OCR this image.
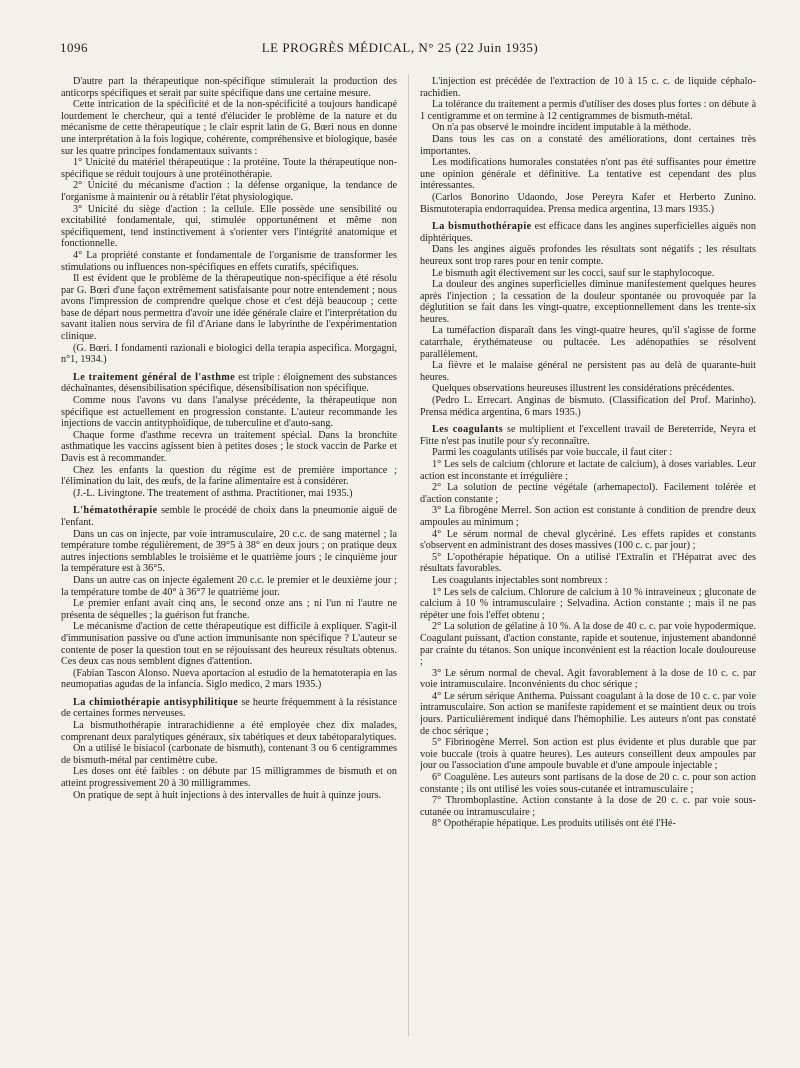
1096	LE PROGRÈS MÉDICAL, N° 25 (22 Juin 1935)

D'autre part la thérapeutique non-spécifique stimulerait la production des anticorps spécifiques et serait par suite spécifique dans une certaine mesure.

Cette intrication de la spécificité et de la non-spécificité a toujours handicapé lourdement le chercheur, qui a tenté d'élucider le problème de la nature et du mécanisme de cette thérapeutique ; le clair esprit latin de G. Bœri nous en donne une interprétation à la fois logique, cohérente, compréhensive et biologique, basée sur les quatre principes fondamentaux suivants :

1° Unicité du matériel thérapeutique : la protéine. Toute la thérapeutique non-spécifique se réduit toujours à une protéinothérapie.

2° Unicité du mécanisme d'action : la défense organique, la tendance de l'organisme à maintenir ou à rétablir l'état physiologique.

3° Unicité du siège d'action : la cellule. Elle possède une sensibilité ou excitabilité fondamentale, qui, stimulée opportunément et même non spécifiquement, tend instinctivement à s'orienter vers l'intégrité anatomique et fonctionnelle.

4° La propriété constante et fondamentale de l'organisme de transformer les stimulations ou influences non-spécifiques en effets curatifs, spécifiques.

Il est évident que le problème de la thérapeutique non-spécifique a été résolu par G. Bœri d'une façon extrêmement satisfaisante pour notre entendement ; nous avons l'impression de comprendre quelque chose et c'est déjà beaucoup ; cette base de départ nous permettra d'avoir une idée générale claire et l'interprétation du savant italien nous servira de fil d'Ariane dans le labyrinthe de l'expérimentation clinique.

(G. Bœri. I fondamenti razionali e biologici della terapia aspecifica. Morgagni, n°1, 1934.)

Le traitement général de l'asthme est triple : éloignement des substances déchaînantes, désensibilisation spécifique, désensibilisation non spécifique.

Comme nous l'avons vu dans l'analyse précédente, la thérapeutique non spécifique est actuellement en progression constante. L'auteur recommande les injections de vaccin antityphoïdique, de tuberculine et d'auto-sang.

Chaque forme d'asthme recevra un traitement spécial. Dans la bronchite asthmatique les vaccins agissent bien à petites doses ; le stock vaccin de Parke et Davis est à recommander.

Chez les enfants la question du régime est de première importance ; l'élimination du lait, des œufs, de la farine alimentaire est à considérer.

(J.-L. Livingtone. The treatement of asthma. Practitioner, mai 1935.)

L'hématothérapie semble le procédé de choix dans la pneumonie aiguë de l'enfant.

Dans un cas on injecte, par voie intramusculaire, 20 c.c. de sang maternel ; la température tombe régulièrement, de 39°5 à 38° en deux jours ; on pratique deux autres injections semblables le troisième et le quatrième jours ; le cinquième jour la température est à 36°5.

Dans un autre cas on injecte également 20 c.c. le premier et le deuxième jour ; la température tombe de 40° à 36°7 le quatrième jour.

Le premier enfant avait cinq ans, le second onze ans ; ni l'un ni l'autre ne présenta de séquelles ; la guérison fut franche.

Le mécanisme d'action de cette thérapeutique est difficile à expliquer. S'agit-il d'immunisation passive ou d'une action immunisante non spécifique ? L'auteur se contente de poser la question tout en se réjouissant des heureux résultats obtenus. Ces deux cas nous semblent dignes d'attention.

(Fabian Tascon Alonso. Nueva aportacion al estudio de la hematoterapia en las neumopatias agudas de la infancia. Siglo medico, 2 mars 1935.)

La chimiothérapie antisyphilitique se heurte fréquemment à la résistance de certaines formes nerveuses.

La bismuthothérapie intrarachidienne a été employée chez dix malades, comprenant deux paralytiques généraux, six tabétiques et deux tabétoparalytiques.

On a utilisé le bisiacol (carbonate de bismuth), contenant 3 ou 6 centigrammes de bismuth-métal par centimètre cube.

Les doses ont été faibles : on débute par 15 milligrammes de bismuth et on atteint progressivement 20 à 30 milligrammes.

On pratique de sept à huit injections à des intervalles de huit à quinze jours.

L'injection est précédée de l'extraction de 10 à 15 c. c. de liquide céphalo-rachidien.

La tolérance du traitement a permis d'utiliser des doses plus fortes : on débute à 1 centigramme et on termine à 12 centigrammes de bismuth-métal.

On n'a pas observé le moindre incident imputable à la méthode.

Dans tous les cas on a constaté des améliorations, dont certaines très importantes.

Les modifications humorales constatées n'ont pas été suffisantes pour émettre une opinion générale et définitive. La tentative est cependant des plus intéressantes.

(Carlos Bonorino Udaondo, Jose Pereyra Kafer et Herberto Zunino. Bismutoterapia endorraquidea. Prensa medica argentina, 13 mars 1935.)

La bismuthothérapie est efficace dans les angines superficielles aiguës non diphtériques.

Dans les angines aiguës profondes les résultats sont négatifs ; les résultats heureux sont trop rares pour en tenir compte.

Le bismuth agit électivement sur les cocci, sauf sur le staphylocoque.

La douleur des angines superficielles diminue manifestement quelques heures après l'injection ; la cessation de la douleur spontanée ou provoquée par la déglutition se fait dans les vingt-quatre, exceptionnellement dans les trente-six heures.

La tuméfaction disparaît dans les vingt-quatre heures, qu'il s'agisse de forme catarrhale, érythémateuse ou pultacée. Les adénopathies se résolvent parallèlement.

La fièvre et le malaise général ne persistent pas au delà de quarante-huit heures.

Quelques observations heureuses illustrent les considérations précédentes.

(Pedro L. Errecart. Anginas de bismuto. (Classification del Prof. Marinho). Prensa médica argentina, 6 mars 1935.)

Les coagulants se multiplient et l'excellent travail de Bereterride, Neyra et Fitte n'est pas inutile pour s'y reconnaître.

Parmi les coagulants utilisés par voie buccale, il faut citer :

1° Les sels de calcium (chlorure et lactate de calcium), à doses variables. Leur action est inconstante et irrégulière ;

2° La solution de pectine végétale (arhemapectol). Facilement tolérée et d'action constante ;

3° La fibrogène Merrel. Son action est constante à condition de prendre deux ampoules au minimum ;

4° Le sérum normal de cheval glycériné. Les effets rapides et constants s'observent en administrant des doses massives (100 c. c. par jour) ;

5° L'opothérapie hépatique. On a utilisé l'Extralin et l'Hépatrat avec des résultats favorables.

Les coagulants injectables sont nombreux :

1° Les sels de calcium. Chlorure de calcium à 10 % intraveineux ; gluconate de calcium à 10 % intramusculaire ; Selvadina. Action constante ; mais il ne pas répéter une fois l'effet obtenu ;

2° La solution de gélatine à 10 %. A la dose de 40 c. c. par voie hypodermique. Coagulant puissant, d'action constante, rapide et soutenue, injustement abandonné par crainte du tétanos. Son unique inconvénient est la réaction locale douloureuse ;

3° Le sérum normal de cheval. Agit favorablement à la dose de 10 c. c. par voie intramusculaire. Inconvénients du choc sérique ;

4° Le sérum sérique Anthema. Puissant coagulant à la dose de 10 c. c. par voie intramusculaire. Son action se manifeste rapidement et se maintient deux ou trois jours. Particulièrement indiqué dans l'hémophilie. Les auteurs n'ont pas constaté de choc sérique ;

5° Fibrinogène Merrel. Son action est plus évidente et plus durable que par voie buccale (trois à quatre heures). Les auteurs conseillent deux ampoules par jour ou l'association d'une ampoule buvable et d'une ampoule injectable ;

6° Coagulène. Les auteurs sont partisans de la dose de 20 c. c. pour son action constante ; ils ont utilisé les voies sous-cutanée et intramusculaire ;

7° Thromboplastine. Action constante à la dose de 20 c. c. par voie sous-cutanée ou intramusculaire ;

8° Opothérapie hépatique. Les produits utilisés ont été l'Hé-
